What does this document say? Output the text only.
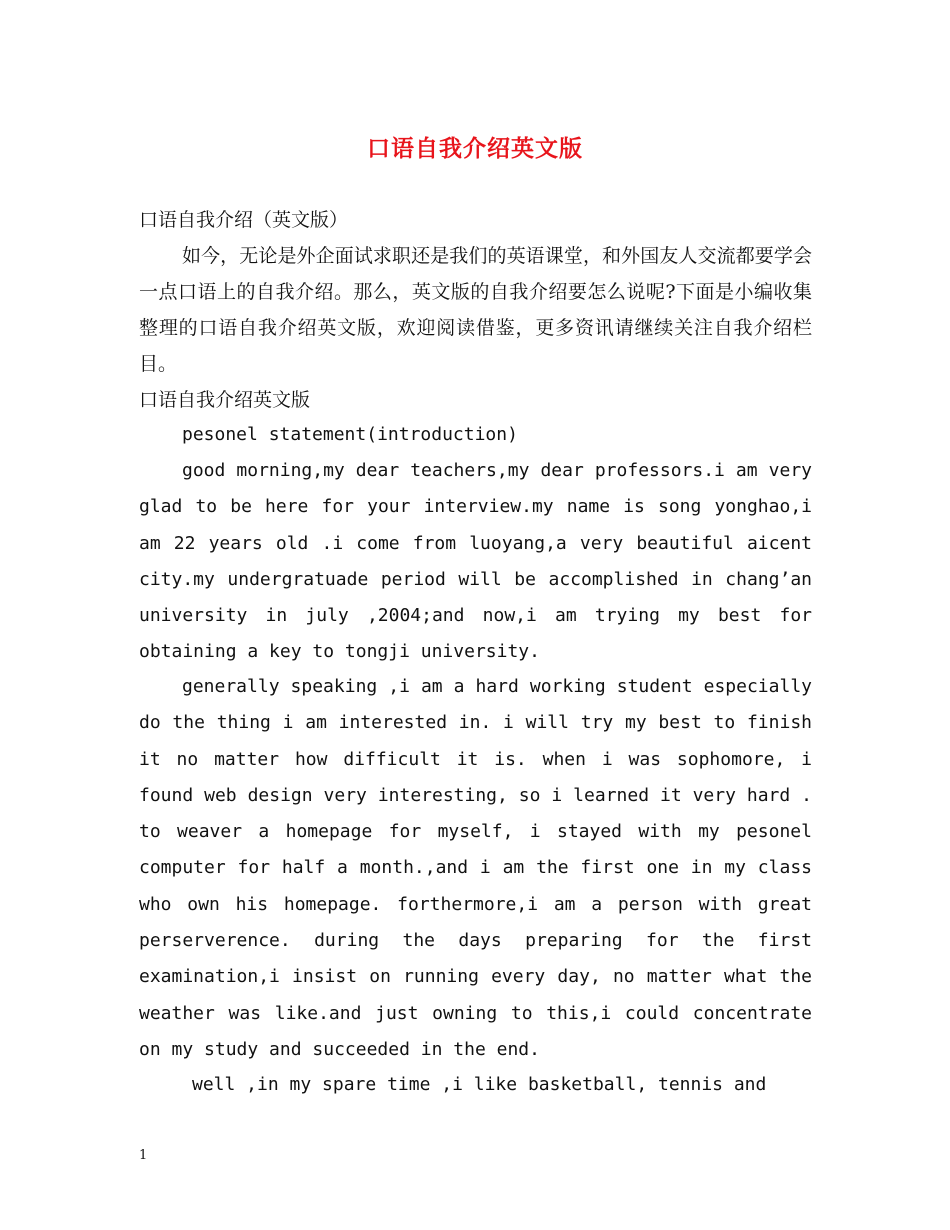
口语自我介绍英文版
口语自我介绍（英文版）
如今，无论是外企面试求职还是我们的英语课堂，和外国友人交流都要学会一点口语上的自我介绍。那么，英文版的自我介绍要怎么说呢?下面是小编收集整理的口语自我介绍英文版，欢迎阅读借鉴，更多资讯请继续关注自我介绍栏目。
口语自我介绍英文版
pesonel statement(introduction)
good morning,my dear teachers,my dear professors.i am very glad to be here for your interview.my name is song yonghao,i am 22 years old .i come from luoyang,a very beautiful aicent city.my undergratuade period will be accomplished in chang’an university in july ,2004;and now,i am trying my best for obtaining a key to tongji university.
generally speaking ,i am a hard working student especially do the thing i am interested in. i will try my best to finish it no matter how difficult it is. when i was sophomore, i found web design very interesting, so i learned it very hard . to weaver a homepage for myself, i stayed with my pesonel computer for half a month.,and i am the first one in my class who own his homepage. forthermore,i am a person with great perserverence. during the days preparing for the first examination,i insist on running every day, no matter what the weather was like.and just owning to this,i could concentrate on my study and succeeded in the end.
well ,in my spare time ,i like basketball, tennis and
1
